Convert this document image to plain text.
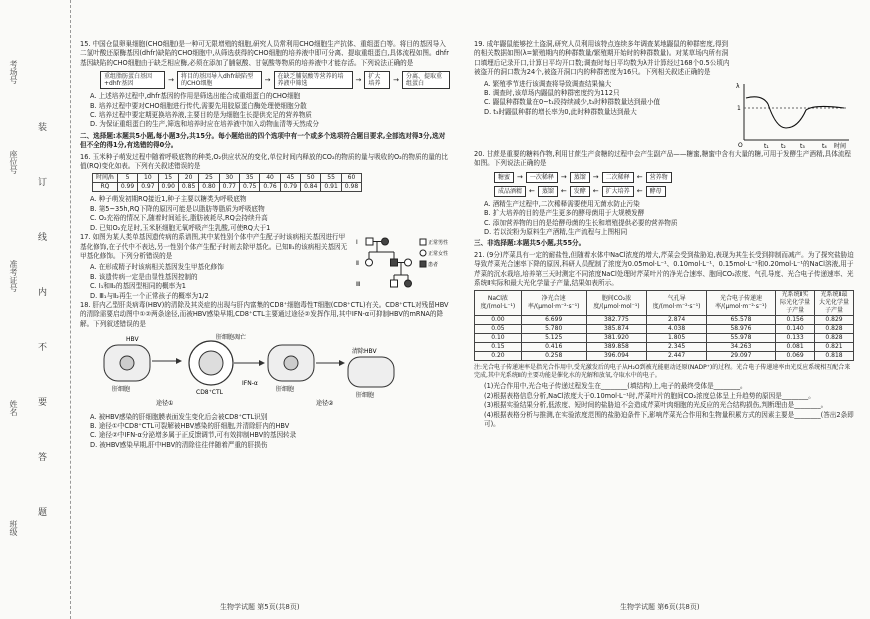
考场号
座位号
准考证号
姓名
班级
装
订
线
内
不
要
答
题
15. 中国仓鼠卵巢细胞(CHO细胞)是一种可无限增殖的细胞,研究人员常利用CHO细胞生产抗体、重组蛋白等。将目的基因导入二氢叶酸还原酶基因(dhfr)缺陷的CHO细胞中,从筛选获得的CHO细胞的培养液中即可分离、提取重组蛋白,具体流程如图。dhfr基因缺陷的CHO细胞由于缺乏相应酶,必须在添加了脯氨酸、甘氨酸等物质的培养液中才能存活。下列说法正确的是
重组脂肪蛋白基因+dhfr基因
→	将目的基因导入dhfr缺陷型的CHO细胞
→	在缺乏脯氨酸等营养的培养液中筛选
→	扩大培养
→	分离、提取重组蛋白
A. 上述培养过程中,dhfr基因的作用是筛选出能合成重组蛋白的CHO细胞
B. 培养过程中要对CHO细胞进行传代,需要先用胶原蛋白酶处理使细胞分散
C. 培养过程中要定期更换培养液,主要目的是为细胞生长提供充足的营养物质
D. 为保证重组蛋白的生产,筛选和培养时应在培养液中加入动物血清等天然成分
二、选择题:本题共5小题,每小题3分,共15分。每小题给出的四个选项中有一个或多个选项符合题目要求,全部选对得3分,选对但不全的得1分,有选错的得0分。
16. 玉米种子萌发过程中随着呼吸底物的种类,O₂供应状况的变化,单位时间内释放的CO₂的物质的量与吸收的O₂的物质的量的比值(RQ)变化如表。下列有关叙述错误的是
时间/h	5	10	15	20	25	30	35	40	45	50	55	60
RQ	0.99	0.97	0.90	0.85	0.80	0.77	0.75	0.76	0.79	0.84	0.91	0.98
A. 种子萌发初期RQ接近1,种子主要以糖类为呼吸底物
B. 第5~35h,RQ下降的原因可能是以脂肪等脂质为呼吸底物
C. O₂充裕的情况下,随着时间延长,脂肪被耗尽,RQ会持续升高
D. 已知O₂充足时,玉米胚细胞无氧呼吸产生乳酸,可使RQ大于1
17. 如图为某人类单基因遗传病的系谱图,其中某性别个体中产生配子时该病相关基因进行甲基化修饰,在子代中不表达,另一性别个体产生配子时则去除甲基化。已知Ⅱ₁的该病相关基因无甲基化修饰。下列分析错误的是
A. 在形成精子时该病相关基因发生甲基化修饰
B. 该遗传病一定是由显性基因控制的
C. Ⅰ₁和Ⅱ₂的基因型相同的概率为1
D. Ⅲ₁与Ⅱ₂再生一个正常孩子的概率为1/2
Ⅰ
Ⅱ
Ⅲ
正常男性
正常女性
患者
18. 肝内乙型肝炎病毒(HBV)的清除及其炎症的出现与肝内富集的CD8⁺细胞毒性T细胞(CD8⁺CTL)有关。CD8⁺CTL对残留HBV的清除需要启动图中①②两条途径,而被HBV感染早期,CD8⁺CTL主要通过途径②发挥作用,其中IFN-α可抑制HBV的mRNA的降解。下列叙述错误的是
HBV
肝细胞	CD8⁺CTL
IFN-α
肝细胞
清除HBV
肝细胞
途径①	途径②
肝细胞凋亡
A. 被HBV感染的肝细胞膜表面发生变化后会被CD8⁺CTL识别
B. 途径①中CD8⁺CTL可裂解被HBV感染的肝细胞,并清除肝内的HBV
C. 途径②中IFN-α分泌增多属于正反馈调节,可有效抑制HBV的基因转录
D. 被HBV感染早期,肝中HBV的清除往往伴随着严重的肝损伤
19. 成年鼹鼠能够挖土盗洞,研究人员利用该特点连续多年调查某地鼹鼠的种群密度,得到的相关数据如图(λ=繁殖期内的种群数量/繁殖期开始时的种群数量)。对某草场内所有洞口填埋后记录开口,计算日平均开口数;调查时每日平均数为λ并计算经过168个0.5公顷内被盗开的洞口数为24个,被盗开洞口内的种群密度为16只。下列相关叙述正确的是
A. 繁殖季节进行该调查将导致调查结果偏大
B. 调查时,该草场内鼹鼠的种群密度约为112只
C. 鼹鼠种群数量在0~t₁段持续减少,t₃时种群数量达到最小值
D. t₃时鼹鼠种群的增长率为0,此时种群数量达到最大
λ
1
O	t₁ t₂ t₃	t₄ 时间
20. 甘蔗是重要的糖料作物,利用甘蔗生产食糖的过程中会产生副产品——糖蜜,糖蜜中含有大量的糖,可用于发酵生产酒精,具体流程如图。下列说法正确的是
糖蜜	→	一次稀释	→	蒸馏	→	二次稀释	←	营养物
成品酒精	←	蒸馏	←	发酵	←	扩大培养	←	酵母
A. 酒精生产过程中,二次稀释需要使用无菌水防止污染
B. 扩大培养的目的是产生更多的酵母菌用于大规模发酵
C. 添加营养物的目的是给酵母菌的生长和增殖提供必要的营养物质
D. 若以淀粉为原料生产酒精,生产流程与上图相同
三、非选择题:本题共5小题,共55分。
21. (9分)芹菜具有一定的耐盐性,但随着水体中NaCl浓度的增大,芹菜会受到盐胁迫,表现为其生长受到抑制而减产。为了探究盐胁迫导致芹菜光合速率下降的原因,科研人员配制了浓度为0.05mol·L⁻¹、0.10mol·L⁻¹、0.15mol·L⁻¹和0.20mol·L⁻¹的NaCl溶液,用于芹菜的沉水栽培,培养第三天时测定不同浓度NaCl处理时芹菜叶片的净光合速率、胞间CO₂浓度、气孔导度、光合电子传递速率、光系统Ⅱ实际和最大光化学量子产量,结果如表所示。
NaCl浓度/(mol·L⁻¹)	净光合速率/(μmol·m⁻²·s⁻¹)	胞间CO₂浓度/(μmol·mol⁻¹)	气孔导度/(mol·m⁻²·s⁻¹)	光合电子传递速率/(μmol·m⁻²·s⁻¹)	光系统Ⅱ实际光化学量子产量	光系统Ⅱ最大光化学量子产量
0.00	6.699	382.775	2.874	65.578	0.156	0.829
0.05	5.780	385.874	4.038	58.976	0.140	0.828
0.10	5.125	381.920	1.805	55.978	0.133	0.828
0.15	0.416	389.858	2.345	34.263	0.081	0.821
0.20	0.258	396.094	2.447	29.097	0.069	0.818
注:光合电子传递速率是指光合作用中,受光激发后的电子从H₂O到被光能驱动还原(NADP⁺)的过程。光合电子传递速率由光反应系统相互配合来完成,其中光系统Ⅱ的主要功能是催化水的光解和放氧,夺取水中的电子。
(1)光合作用中,光合电子传递过程发生在________(填结构)上,电子的最终受体是________。
(2)根据表格信息分析,NaCl浓度大于0.10mol·L⁻¹时,芹菜叶片的胞间CO₂浓度总体呈上升趋势的原因是________。
(3)根据实验结果分析,低浓度、短时间的盐胁迫不会造成芹菜叶肉细胞的光反应的光合结构损伤,判断理由是________。
(4)根据表格分析与推测,在实验浓度范围的盐胁迫条件下,影响芹菜光合作用和生物量积累方式的因素主要是________(答出2条即可)。
生物学试题 第5页(共8页)	生物学试题 第6页(共8页)
